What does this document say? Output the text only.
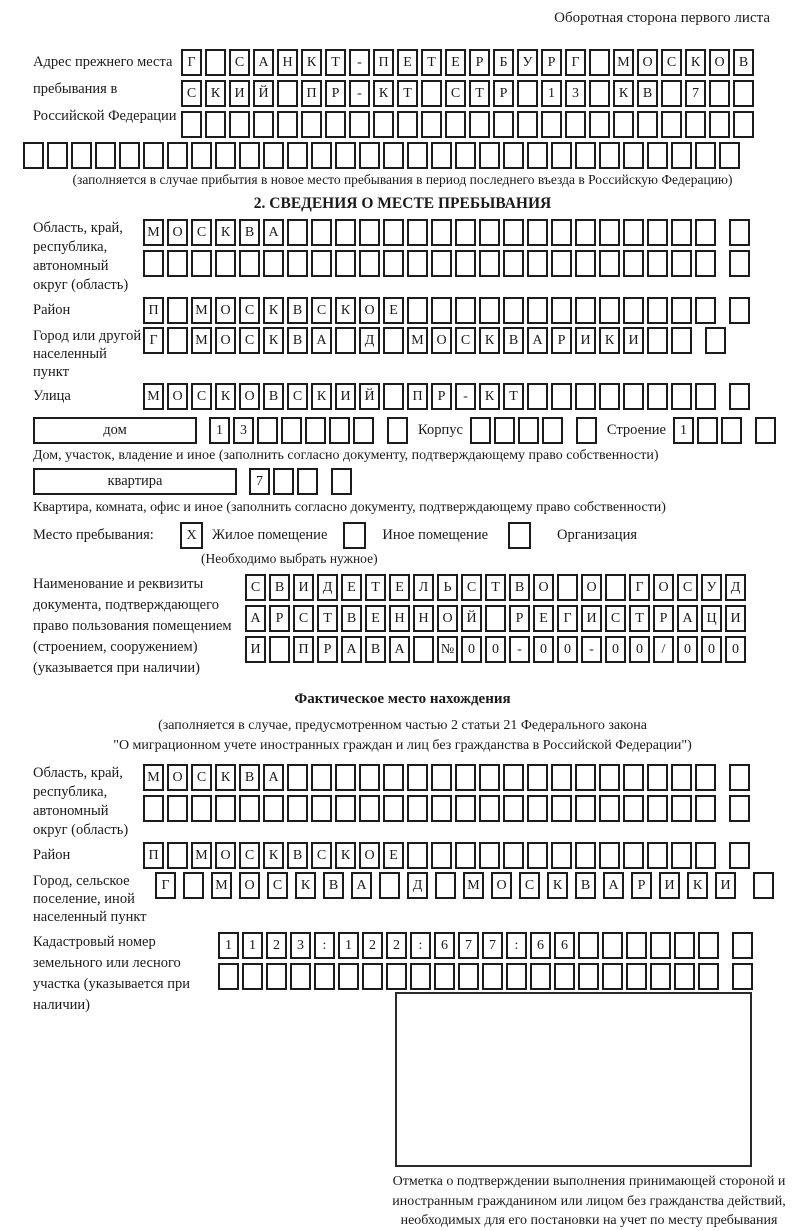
Оборотная сторона первого листа
Адрес прежнего места пребывания в Российской Федерации
Г	С	А Н	К	Т	-	П	Е	Т	Е	Р	Б	У	Р	Г	М О	С	К	О	В
С	К	И Й	П	Р	-	К	Т	С	Т	Р	1	3	К	В	7
(заполняется в случае прибытия в новое место пребывания в период последнего въезда в Российскую Федерацию)
2. СВЕДЕНИЯ О МЕСТЕ ПРЕБЫВАНИЯ
Область, край, республика, автономный округ (область)
М О	С	К	В	А
Район	П	М О	С	К	В	С	К	О	Е
Город или другой населенный пункт
Г	М О	С	К	В	А	Д	М О	С	К	В	А	Р	И	К	И
Улица	М О	С	К	О	В	С	К	И Й	П	Р	-	К	Т
дом	1	3	Корпус	Строение	1
Дом, участок, владение и иное (заполнить согласно документу, подтверждающему право собственности)
квартира	7
Квартира, комната, офис и иное (заполнить согласно документу, подтверждающему право собственности)
Место пребывания:	X	Жилое помещение	Иное помещение	Организация
(Необходимо выбрать нужное)
Наименование и реквизиты документа, подтверждающего право пользования помещением (строением, сооружением) (указывается при наличии)
С	В	И	Д	Е	Т	Е	Л	Ь	С	Т	В	О	О	Г	О	С	У	Д
А	Р	С	Т	В	Е	Н Н О Й	Р	Е	Г	И	С	Т	Р	А Ц И
И	П	Р	А	В	А	№ 0	0	-	0	0	-	0	0	/	0	0	0
Фактическое место нахождения
(заполняется в случае, предусмотренном частью 2 статьи 21 Федерального закона
"О миграционном учете иностранных граждан и лиц без гражданства в Российской Федерации")
Область, край, республика, автономный округ (область)
М О	С	К	В	А
Район	П	М О	С	К	В	С	К	О	Е
Город, сельское поселение, иной населенный пункт
Г	М	О	С	К	В	А	Д	М	О	С	К	В	А	Р	И	К	И
Кадастровый номер земельного или лесного участка (указывается при наличии)
1	1	2	3	:	1	2	2	:	6	7	7	:	6	6
Отметка о подтверждении выполнения принимающей стороной и иностранным гражданином или лицом без гражданства действий, необходимых для его постановки на учет по месту пребывания
